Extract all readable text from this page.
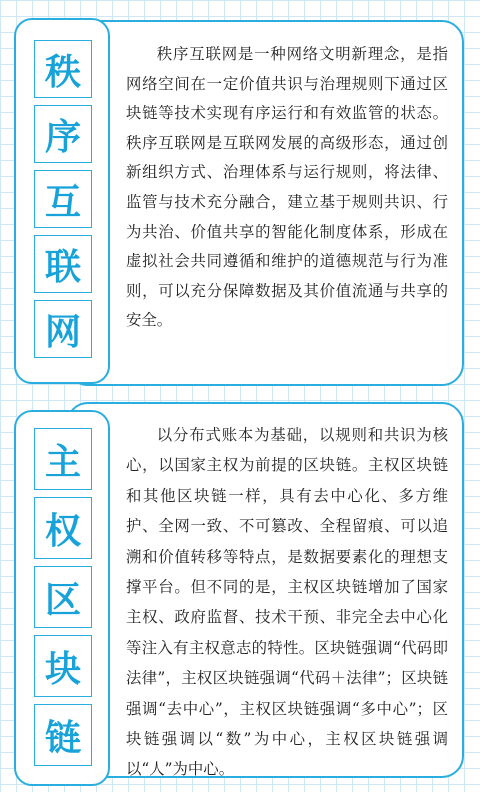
秩序互联网是一种网络文明新理念，是指网络空间在一定价值共识与治理规则下通过区块链等技术实现有序运行和有效监管的状态。秩序互联网是互联网发展的高级形态，通过创新组织方式、治理体系与运行规则，将法律、监管与技术充分融合，建立基于规则共识、行为共治、价值共享的智能化制度体系，形成在虚拟社会共同遵循和维护的道德规范与行为准则，可以充分保障数据及其价值流通与共享的安全。

秩
序
互
联
网

以分布式账本为基础，以规则和共识为核心，以国家主权为前提的区块链。主权区块链和其他区块链一样，具有去中心化、多方维护、全网一致、不可篡改、全程留痕、可以追溯和价值转移等特点，是数据要素化的理想支撑平台。但不同的是，主权区块链增加了国家主权、政府监督、技术干预、非完全去中心化等注入有主权意志的特性。区块链强调“代码即法律”，主权区块链强调“代码＋法律”；区块链强调“去中心”，主权区块链强调“多中心”；区块链强调以“数”为中心，主权区块链强调以“人”为中心。

主
权
区
块
链
